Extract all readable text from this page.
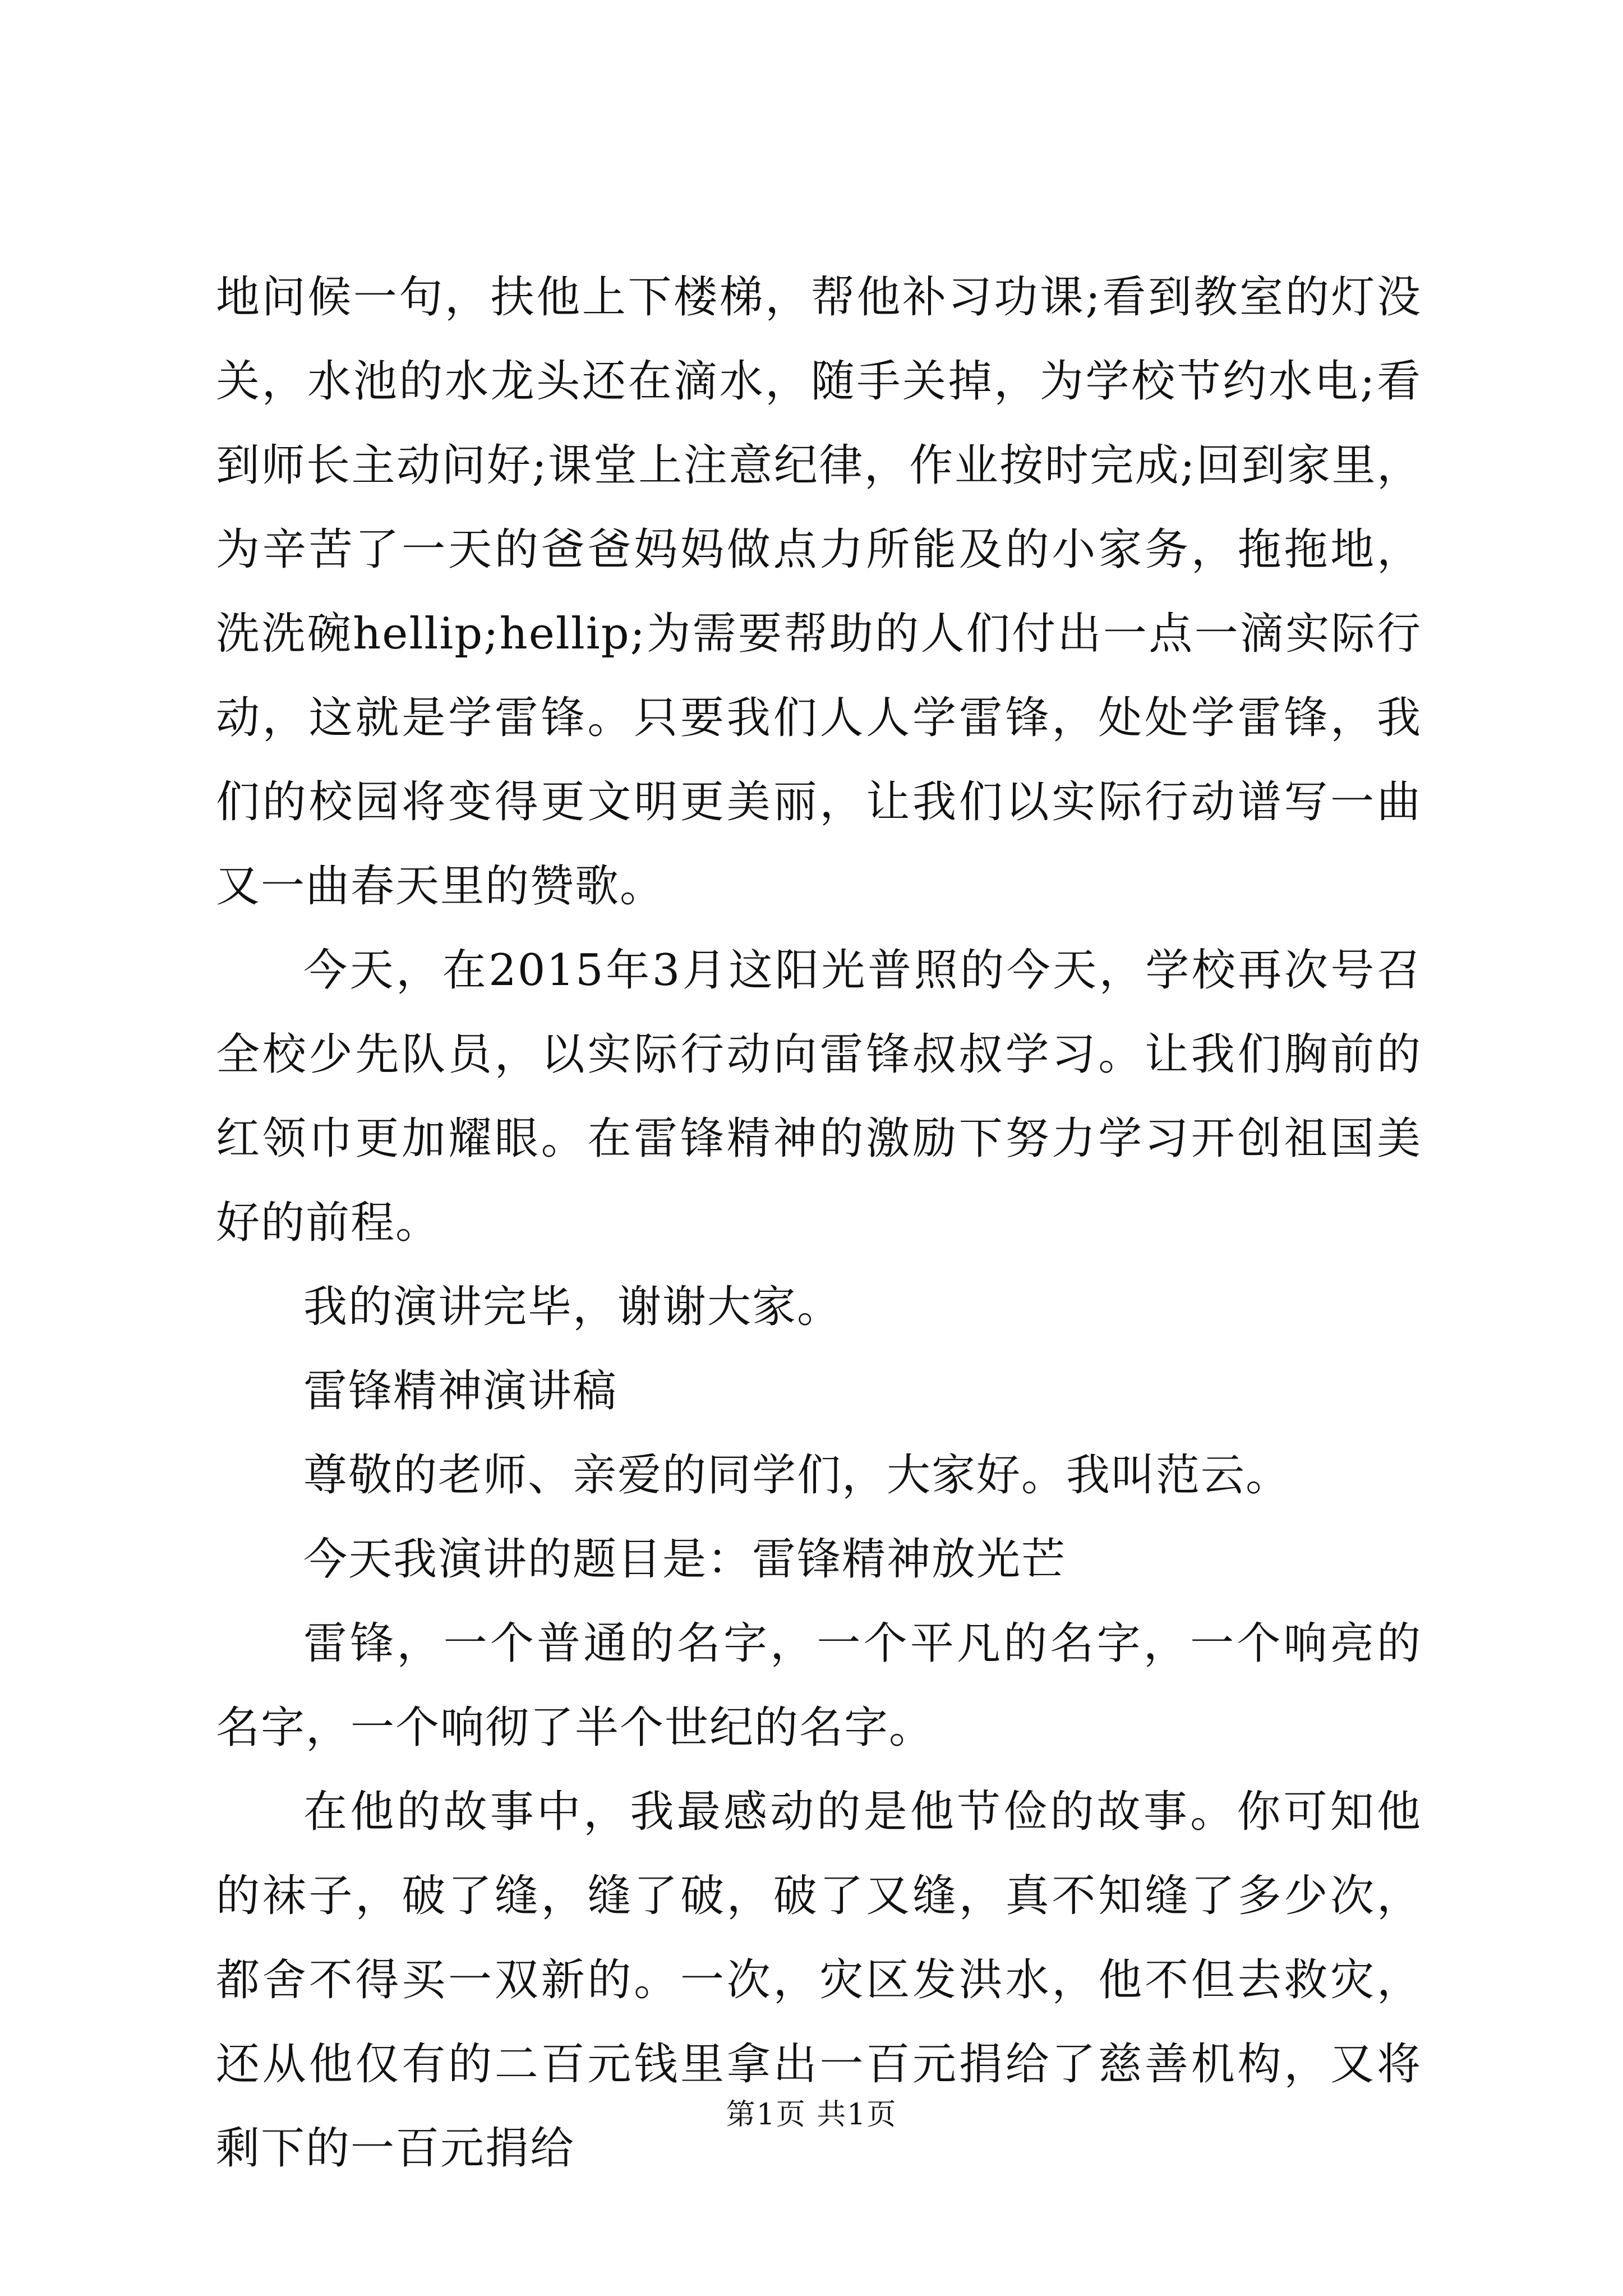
地问候一句，扶他上下楼梯，帮他补习功课;看到教室的灯没关，水池的水龙头还在滴水，随手关掉，为学校节约水电;看到师长主动问好;课堂上注意纪律，作业按时完成;回到家里，为辛苦了一天的爸爸妈妈做点力所能及的小家务，拖拖地，洗洗碗hellip;hellip;为需要帮助的人们付出一点一滴实际行动，这就是学雷锋。只要我们人人学雷锋，处处学雷锋，我们的校园将变得更文明更美丽，让我们以实际行动谱写一曲又一曲春天里的赞歌。

今天，在2015年3月这阳光普照的今天，学校再次号召全校少先队员，以实际行动向雷锋叔叔学习。让我们胸前的红领巾更加耀眼。在雷锋精神的激励下努力学习开创祖国美好的前程。

我的演讲完毕，谢谢大家。

雷锋精神演讲稿

尊敬的老师、亲爱的同学们，大家好。我叫范云。

今天我演讲的题目是：雷锋精神放光芒

雷锋，一个普通的名字，一个平凡的名字，一个响亮的名字，一个响彻了半个世纪的名字。

在他的故事中，我最感动的是他节俭的故事。你可知他的袜子，破了缝，缝了破，破了又缝，真不知缝了多少次，都舍不得买一双新的。一次，灾区发洪水，他不但去救灾，还从他仅有的二百元钱里拿出一百元捐给了慈善机构，又将剩下的一百元捐给

第1页 共1页
